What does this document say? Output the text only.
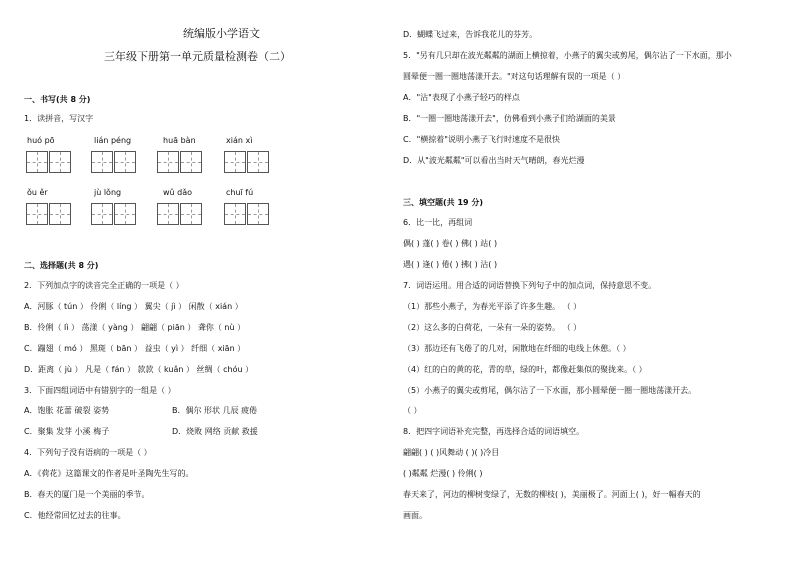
统编版小学语文
三年级下册第一单元质量检测卷（二）
一、书写(共 8 分)
1．读拼音，写汉字
huó pō	lián péng	huā bàn	xián xì
ǒu ěr	jù lǒng	wǔ dǎo	chuī fú
二、选择题(共 8 分)
2．下列加点字的读音完全正确的一项是（ ）
A．河豚（ tún ） 伶俐（ líng ） 翼尖（ jì ） 闲散（ xián ）
B．伶俐（ lì ） 荡漾（ yàng ） 翩翩（ piān ） 聋你（ nù ）
C．蹦翅（ mó ） 黑斑（ bān ） 益虫（ yì ） 纤细（ xiān ）
D．距离（ jù ） 凡是（ fán ） 款款（ kuǎn ） 丝绸（ chóu ）
3．下面四组词语中有错别字的一组是（ ）
A．饱胀 花蕾 破裂 姿势	B．偶尔 形状 几辰 疲倦
C．聚集 发芽 小溪 梅子	D．烧败 网络 贡献 救援
4．下列句子没有语病的一项是（ ）
A．《荷花》这篇课文的作者是叶圣陶先生写的。
B．春天的厦门是一个美丽的季节。
C．他经常回忆过去的往事。
D．蝴蝶飞过来，告诉我花儿的芬芳。
5．"另有几只却在波光粼粼的湖面上横掠着，小燕子的翼尖或剪尾，偶尔沾了一下水面，那小
圆晕便一圈一圈地荡漾开去。"对这句话理解有误的一项是（ ）
A．"沾"表现了小燕子轻巧的样点
B．"一圈一圈地荡漾开去"，仿佛看到小燕子们给湖面的美景
C．"横掠着"说明小燕子飞行时速度不是很快
D．从"波光粼粼"可以看出当时天气晴朗，春光烂漫
三、填空题(共 19 分)
6．比一比，再组词
偶( ) 蓬( ) 卷( ) 佛( ) 站( )
遇( ) 逢( ) 倦( ) 拂( ) 沾( )
7．词语运用。用合适的词语替换下列句子中的加点词，保持意思不变。
（1）那些小燕子，为春光平添了许多生趣。 （ ）
（2）这么多的白荷花，一朵有一朵的姿势。 （ ）
（3）那边还有飞倦了的几对，闲散地在纤细的电线上休憩。（ ）
（4）红的白的黄的花，青的草，绿的叶，都像赶集似的聚拢来。（ ）
（5）小燕子的翼尖或剪尾，偶尔沾了一下水面，那小圆晕便一圈一圈地荡漾开去。
（ ）
8．把四字词语补充完整，再选择合适的词语填空。
翩翩( ) ( )风舞动 ( )( )冷目
( )粼粼 烂漫( ) 伶俐( )
春天来了，河边的柳树变绿了，无数的柳枝( )，美丽极了。河面上( )，好一幅春天的
画面。
